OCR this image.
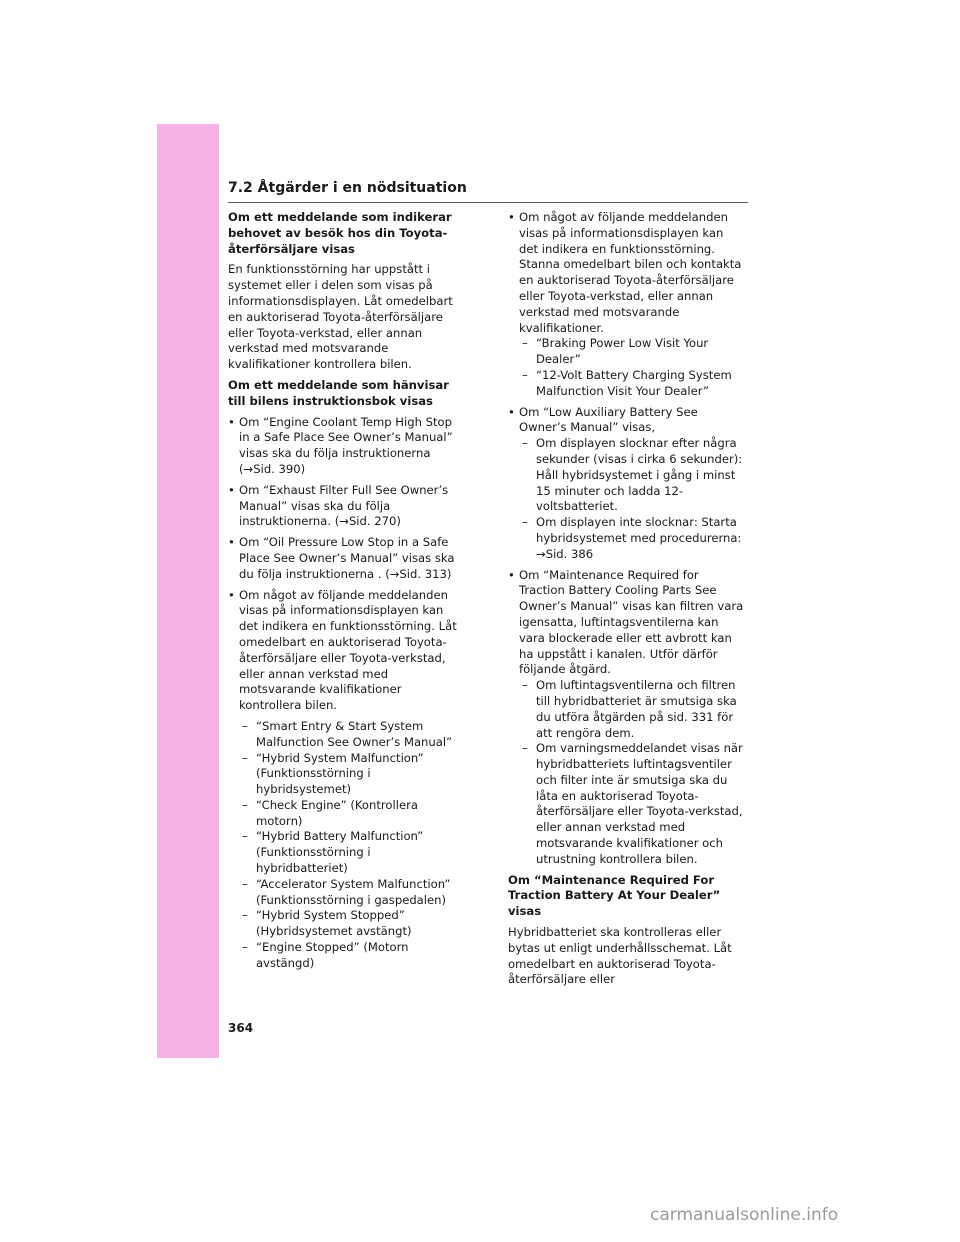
7.2 Åtgärder i en nödsituation
Om ett meddelande som indikerar behovet av besök hos din Toyota-återförsäljare visas
En funktionsstörning har uppstått i systemet eller i delen som visas på informationsdisplayen. Låt omedelbart en auktoriserad Toyota-återförsäljare eller Toyota-verkstad, eller annan verkstad med motsvarande kvalifikationer kontrollera bilen.
Om ett meddelande som hänvisar till bilens instruktionsbok visas
• Om “Engine Coolant Temp High Stop in a Safe Place See Owner’s Manual” visas ska du följa instruktionerna (→Sid. 390)
• Om “Exhaust Filter Full See Owner’s Manual” visas ska du följa instruktionerna. (→Sid. 270)
• Om “Oil Pressure Low Stop in a Safe Place See Owner’s Manual” visas ska du följa instruktionerna . (→Sid. 313)
• Om något av följande meddelanden visas på informationsdisplayen kan det indikera en funktionsstörning. Låt omedelbart en auktoriserad Toyota-återförsäljare eller Toyota-verkstad, eller annan verkstad med motsvarande kvalifikationer kontrollera bilen.
– “Smart Entry & Start System Malfunction See Owner’s Manual”
– “Hybrid System Malfunction” (Funktionsstörning i hybridsystemet)
– “Check Engine” (Kontrollera motorn)
– “Hybrid Battery Malfunction” (Funktionsstörning i hybridbatteriet)
– “Accelerator System Malfunction” (Funktionsstörning i gaspedalen)
– “Hybrid System Stopped” (Hybridsystemet avstängt)
– “Engine Stopped” (Motorn avstängd)
• Om något av följande meddelanden visas på informationsdisplayen kan det indikera en funktionsstörning. Stanna omedelbart bilen och kontakta en auktoriserad Toyota-återförsäljare eller Toyota-verkstad, eller annan verkstad med motsvarande kvalifikationer.
– “Braking Power Low Visit Your Dealer”
– “12-Volt Battery Charging System Malfunction Visit Your Dealer”
• Om “Low Auxiliary Battery See Owner’s Manual” visas,
– Om displayen slocknar efter några sekunder (visas i cirka 6 sekunder): Håll hybridsystemet i gång i minst 15 minuter och ladda 12-voltsbatteriet.
– Om displayen inte slocknar: Starta hybridsystemet med procedurerna: →Sid. 386
• Om “Maintenance Required for Traction Battery Cooling Parts See Owner’s Manual” visas kan filtren vara igensatta, luftintagsventilerna kan vara blockerade eller ett avbrott kan ha uppstått i kanalen. Utför därför följande åtgärd.
– Om luftintagsventilerna och filtren till hybridbatteriet är smutsiga ska du utföra åtgärden på sid. 331 för att rengöra dem.
– Om varningsmeddelandet visas när hybridbatteriets luftintagsventiler och filter inte är smutsiga ska du låta en auktoriserad Toyota-återförsäljare eller Toyota-verkstad, eller annan verkstad med motsvarande kvalifikationer och utrustning kontrollera bilen.
Om “Maintenance Required For Traction Battery At Your Dealer” visas
Hybridbatteriet ska kontrolleras eller bytas ut enligt underhållsschemat. Låt omedelbart en auktoriserad Toyota-återförsäljare eller
364
carmanualsonline.info
